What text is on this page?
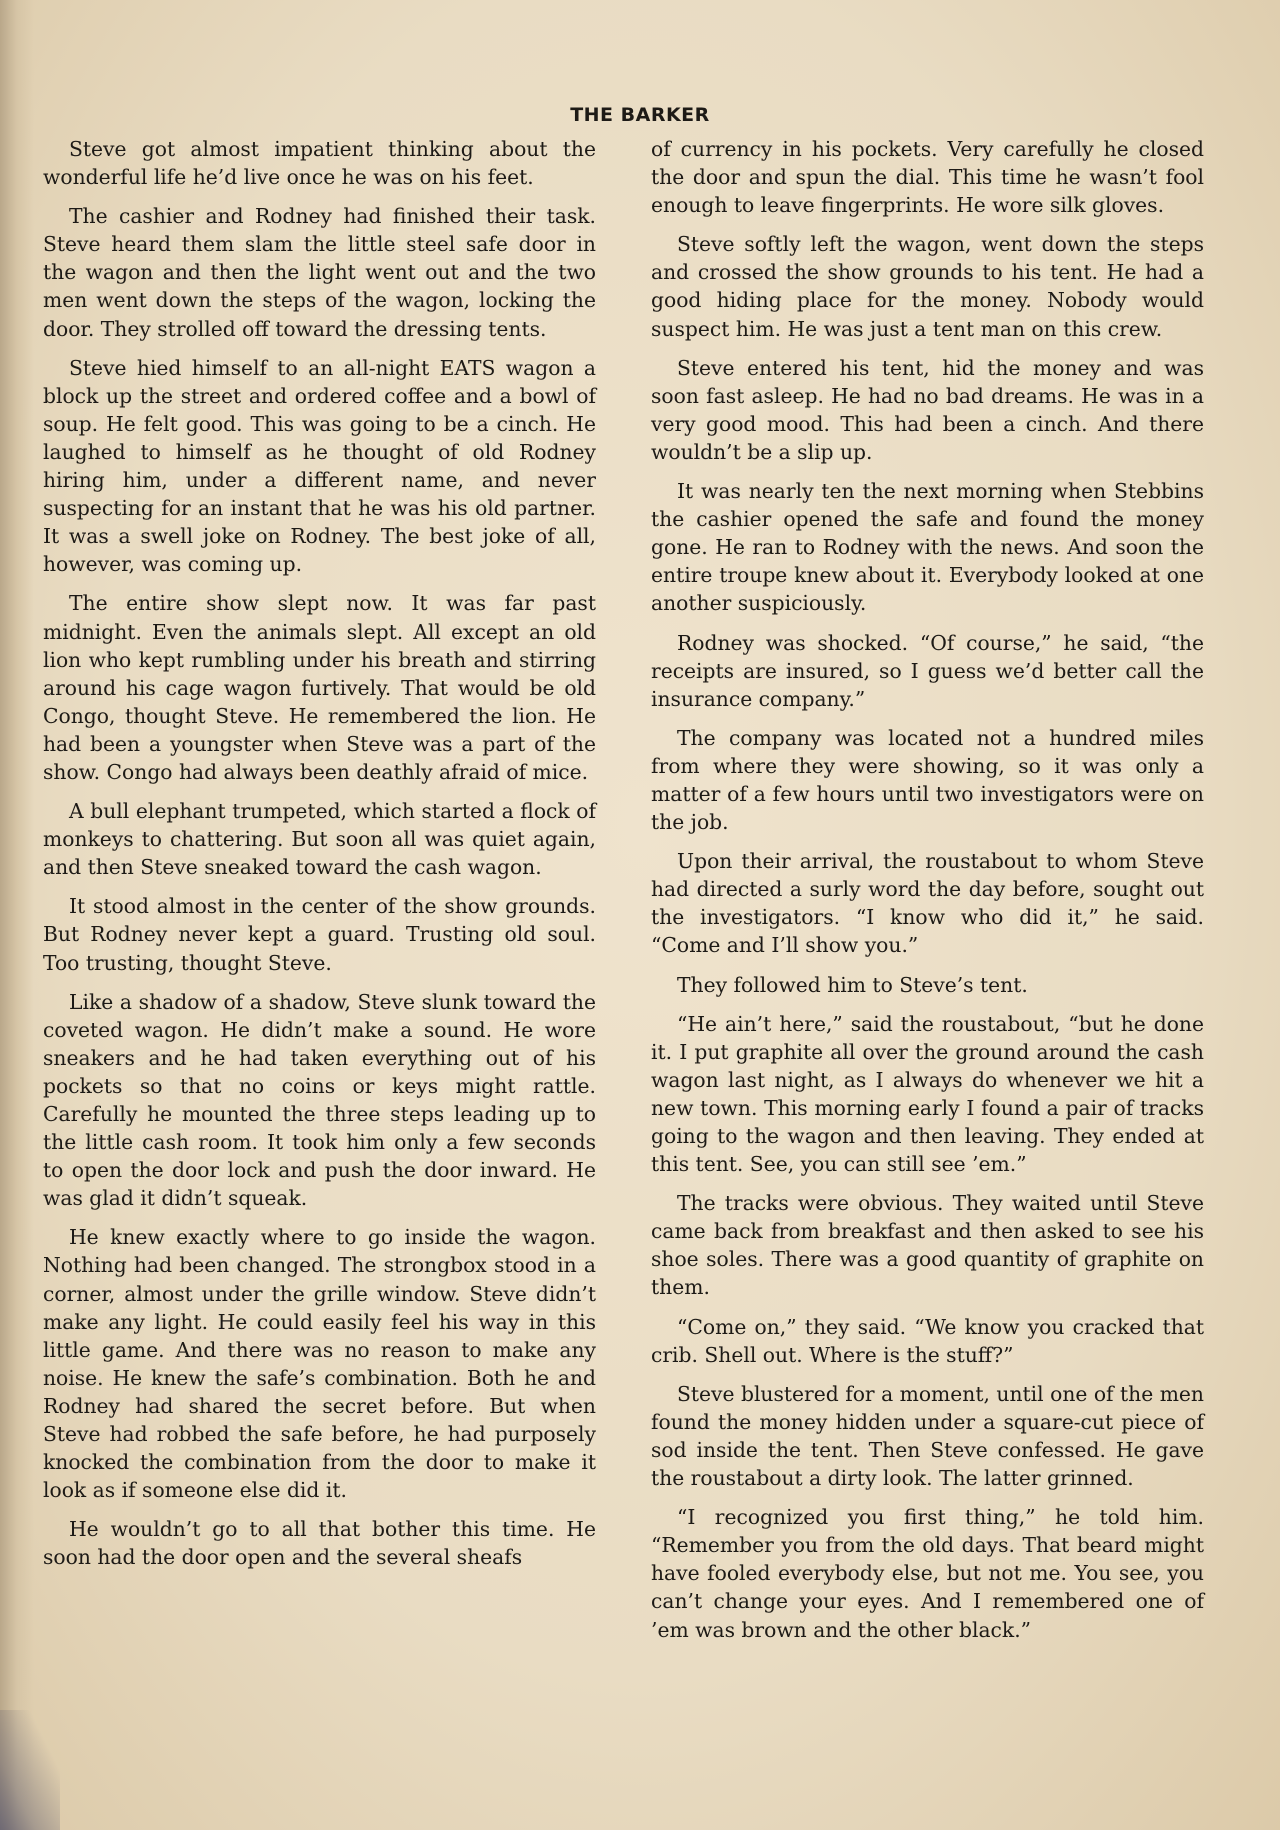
THE BARKER

Steve got almost impatient thinking about the wonderful life he’d live once he was on his feet.

The cashier and Rodney had finished their task. Steve heard them slam the little steel safe door in the wagon and then the light went out and the two men went down the steps of the wagon, locking the door. They strolled off toward the dressing tents.

Steve hied himself to an all-night EATS wagon a block up the street and ordered coffee and a bowl of soup. He felt good. This was going to be a cinch. He laughed to himself as he thought of old Rodney hiring him, under a different name, and never suspecting for an instant that he was his old partner. It was a swell joke on Rodney. The best joke of all, however, was coming up.

The entire show slept now. It was far past midnight. Even the animals slept. All except an old lion who kept rumbling under his breath and stirring around his cage wagon furtively. That would be old Congo, thought Steve. He remembered the lion. He had been a youngster when Steve was a part of the show. Congo had always been deathly afraid of mice.

A bull elephant trumpeted, which started a flock of monkeys to chattering. But soon all was quiet again, and then Steve sneaked toward the cash wagon.

It stood almost in the center of the show grounds. But Rodney never kept a guard. Trusting old soul. Too trusting, thought Steve.

Like a shadow of a shadow, Steve slunk toward the coveted wagon. He didn’t make a sound. He wore sneakers and he had taken everything out of his pockets so that no coins or keys might rattle. Carefully he mounted the three steps leading up to the little cash room. It took him only a few seconds to open the door lock and push the door inward. He was glad it didn’t squeak.

He knew exactly where to go inside the wagon. Nothing had been changed. The strongbox stood in a corner, almost under the grille window. Steve didn’t make any light. He could easily feel his way in this little game. And there was no reason to make any noise. He knew the safe’s combination. Both he and Rodney had shared the secret before. But when Steve had robbed the safe before, he had purposely knocked the combination from the door to make it look as if someone else did it.

He wouldn’t go to all that bother this time. He soon had the door open and the several sheafs

of currency in his pockets. Very carefully he closed the door and spun the dial. This time he wasn’t fool enough to leave fingerprints. He wore silk gloves.

Steve softly left the wagon, went down the steps and crossed the show grounds to his tent. He had a good hiding place for the money. Nobody would suspect him. He was just a tent man on this crew.

Steve entered his tent, hid the money and was soon fast asleep. He had no bad dreams. He was in a very good mood. This had been a cinch. And there wouldn’t be a slip up.

It was nearly ten the next morning when Stebbins the cashier opened the safe and found the money gone. He ran to Rodney with the news. And soon the entire troupe knew about it. Everybody looked at one another suspiciously.

Rodney was shocked. “Of course,” he said, “the receipts are insured, so I guess we’d better call the insurance company.”

The company was located not a hundred miles from where they were showing, so it was only a matter of a few hours until two investigators were on the job.

Upon their arrival, the roustabout to whom Steve had directed a surly word the day before, sought out the investigators. “I know who did it,” he said. “Come and I’ll show you.”

They followed him to Steve’s tent.

“He ain’t here,” said the roustabout, “but he done it. I put graphite all over the ground around the cash wagon last night, as I always do whenever we hit a new town. This morning early I found a pair of tracks going to the wagon and then leaving. They ended at this tent. See, you can still see ’em.”

The tracks were obvious. They waited until Steve came back from breakfast and then asked to see his shoe soles. There was a good quantity of graphite on them.

“Come on,” they said. “We know you cracked that crib. Shell out. Where is the stuff?”

Steve blustered for a moment, until one of the men found the money hidden under a square-cut piece of sod inside the tent. Then Steve confessed. He gave the roustabout a dirty look. The latter grinned.

“I recognized you first thing,” he told him. “Remember you from the old days. That beard might have fooled everybody else, but not me. You see, you can’t change your eyes. And I remembered one of ’em was brown and the other black.”
